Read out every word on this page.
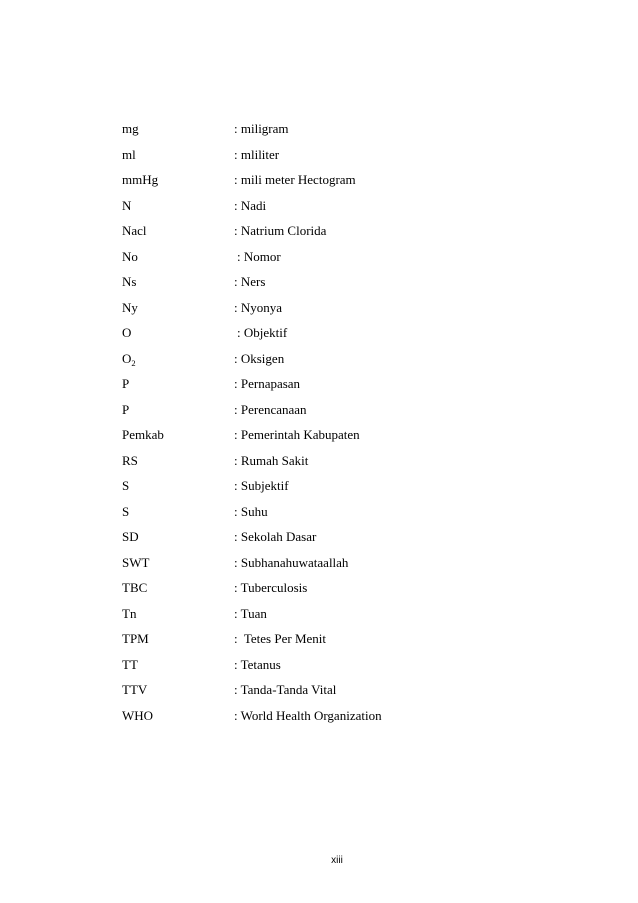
mg	: miligram
ml	: mliliter
mmHg	: mili meter Hectogram
N	: Nadi
Nacl	: Natrium Clorida
No	: Nomor
Ns	: Ners
Ny	: Nyonya
O	: Objektif
$O_2$	: Oksigen
P	: Pernapasan
P	: Perencanaan
Pemkab	: Pemerintah Kabupaten
RS	: Rumah Sakit
S	: Subjektif
S	: Suhu
SD	: Sekolah Dasar
SWT	: Subhanahuwataallah
TBC	: Tuberculosis
Tn	: Tuan
TPM	:  Tetes Per Menit
TT	: Tetanus
TTV	: Tanda-Tanda Vital
WHO	: World Health Organization
xiii
